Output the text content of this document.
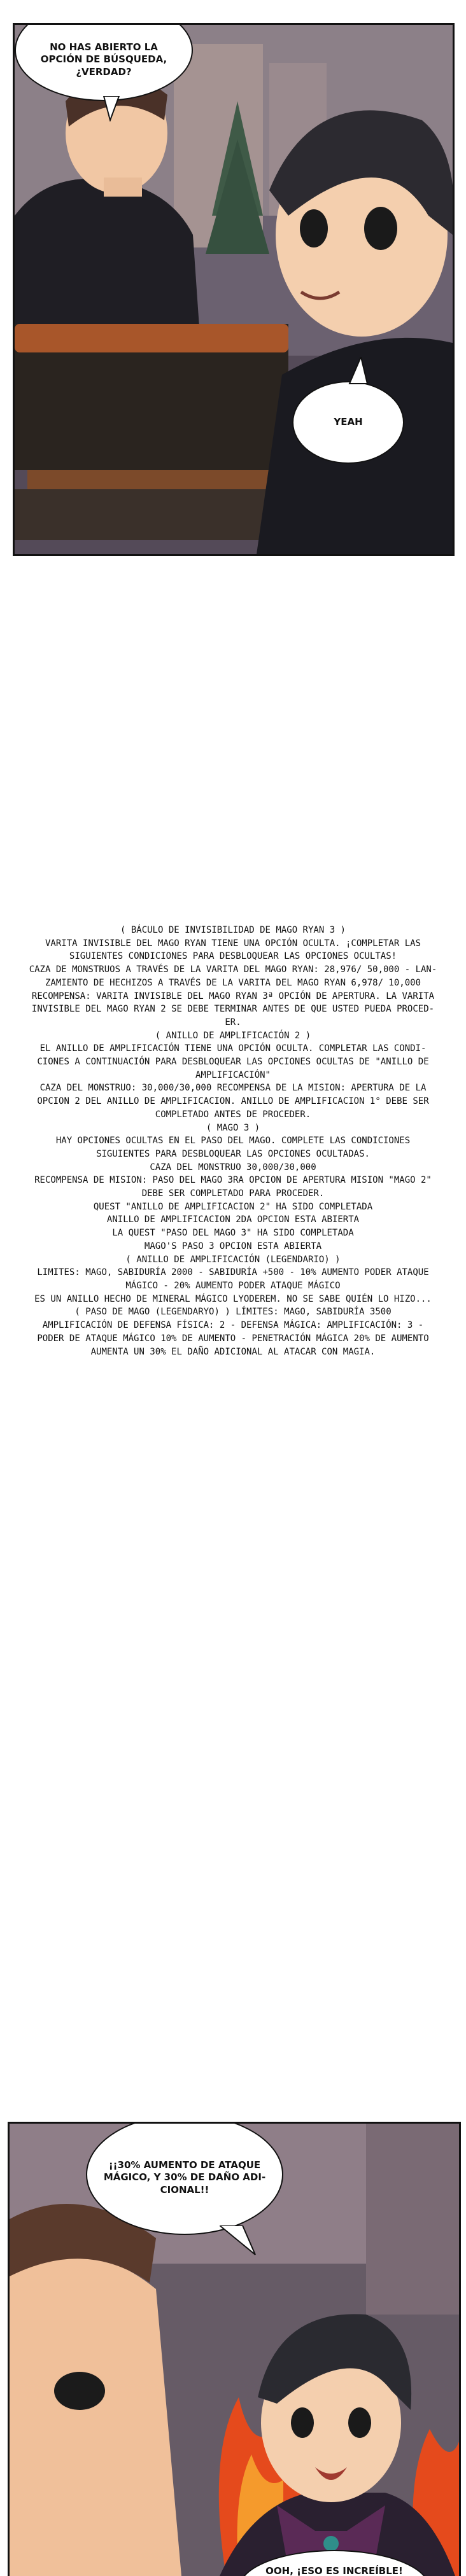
NO HAS ABIERTO LA
OPCIÓN DE BÚSQUEDA,
¿VERDAD?
YEAH

( BÁCULO DE INVISIBILIDAD DE MAGO RYAN 3 )

VARITA INVISIBLE DEL MAGO RYAN TIENE UNA OPCIÓN OCULTA. ¡COMPLETAR LAS

SIGUIENTES CONDICIONES PARA DESBLOQUEAR LAS OPCIONES OCULTAS!

CAZA DE MONSTRUOS A TRAVÉS DE LA VARITA DEL MAGO RYAN: 28,976/ 50,000 - LAN-

ZAMIENTO DE HECHIZOS A TRAVÉS DE LA VARITA DEL MAGO RYAN 6,978/ 10,000

RECOMPENSA: VARITA INVISIBLE DEL MAGO RYAN 3ª OPCIÓN DE APERTURA. LA VARITA

INVISIBLE DEL MAGO RYAN 2 SE DEBE TERMINAR ANTES DE QUE USTED PUEDA PROCED-

ER.

( ANILLO DE AMPLIFICACIÓN 2 )

EL ANILLO DE AMPLIFICACIÓN TIENE UNA OPCIÓN OCULTA. COMPLETAR LAS CONDI-

CIONES A CONTINUACIÓN PARA DESBLOQUEAR LAS OPCIONES OCULTAS DE "ANILLO DE

AMPLIFICACIÓN"

CAZA DEL MONSTRUO: 30,000/30,000 RECOMPENSA DE LA MISION: APERTURA DE LA

OPCION 2 DEL ANILLO DE AMPLIFICACION. ANILLO DE AMPLIFICACION 1° DEBE SER

COMPLETADO ANTES DE PROCEDER.

( MAGO 3 )

HAY OPCIONES OCULTAS EN EL PASO DEL MAGO. COMPLETE LAS CONDICIONES

SIGUIENTES PARA DESBLOQUEAR LAS OPCIONES OCULTADAS.

CAZA DEL MONSTRUO 30,000/30,000

RECOMPENSA DE MISION: PASO DEL MAGO 3RA OPCION DE APERTURA MISION "MAGO 2"

DEBE SER COMPLETADO PARA PROCEDER.

QUEST "ANILLO DE AMPLIFICACION 2" HA SIDO COMPLETADA

ANILLO DE AMPLIFICACION 2DA OPCION ESTA ABIERTA

LA QUEST "PASO DEL MAGO 3" HA SIDO COMPLETADA

MAGO'S PASO 3 OPCION ESTA ABIERTA

( ANILLO DE AMPLIFICACIÓN (LEGENDARIO) )

LIMITES: MAGO, SABIDURÍA 2000 - SABIDURÍA +500 - 10% AUMENTO PODER ATAQUE

MÁGICO - 20% AUMENTO PODER ATAQUE MÁGICO

ES UN ANILLO HECHO DE MINERAL MÁGICO LYODEREM. NO SE SABE QUIÉN LO HIZO...

( PASO DE MAGO (LEGENDARYO) ) LÍMITES: MAGO, SABIDURÍA 3500

AMPLIFICACIÓN DE DEFENSA FÍSICA: 2 - DEFENSA MÁGICA: AMPLIFICACIÓN: 3 -

PODER DE ATAQUE MÁGICO 10% DE AUMENTO - PENETRACIÓN MÁGICA 20% DE AUMENTO

AUMENTA UN 30% EL DAÑO ADICIONAL AL ATACAR CON MAGIA.

¡¡30% AUMENTO DE ATAQUE
MÁGICO, Y 30% DE DAÑO ADI-
CIONAL!!
OOH, ¡ESO ES INCREÍBLE!
